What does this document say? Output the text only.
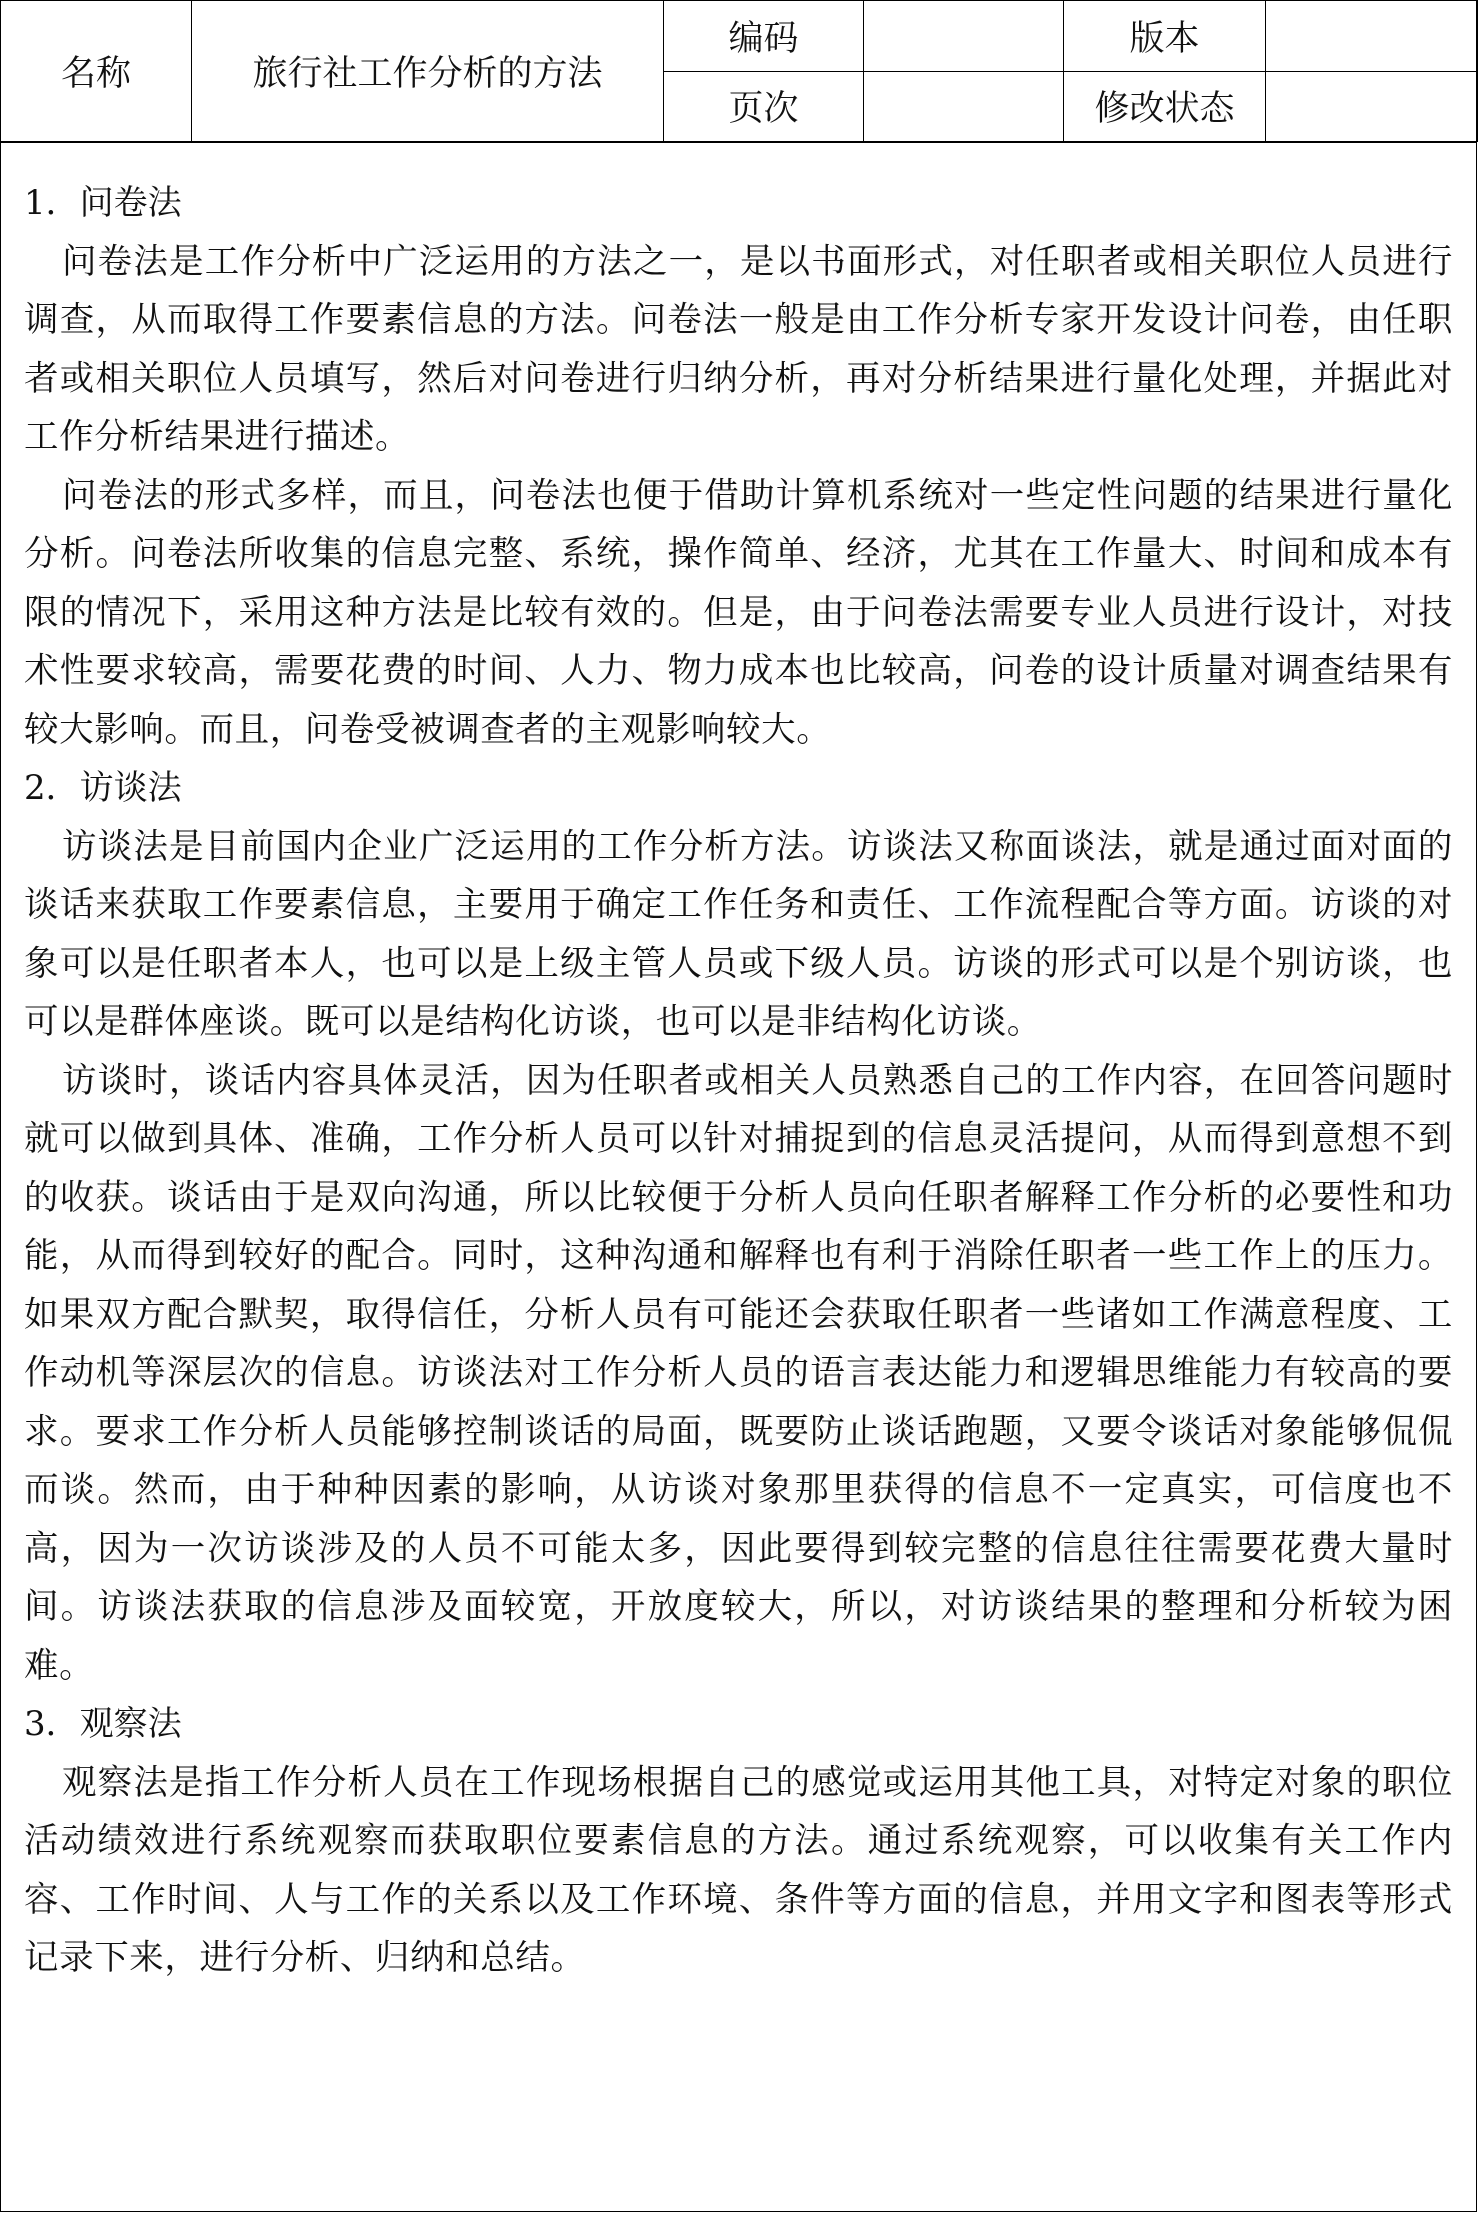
名称	旅行社工作分析的方法	编码		版本	
		页次		修改状态	

1．问卷法

问卷法是工作分析中广泛运用的方法之一，是以书面形式，对任职者或相关职位人员进行调查，从而取得工作要素信息的方法。问卷法一般是由工作分析专家开发设计问卷，由任职者或相关职位人员填写，然后对问卷进行归纳分析，再对分析结果进行量化处理，并据此对工作分析结果进行描述。

问卷法的形式多样，而且，问卷法也便于借助计算机系统对一些定性问题的结果进行量化分析。问卷法所收集的信息完整、系统，操作简单、经济，尤其在工作量大、时间和成本有限的情况下，采用这种方法是比较有效的。但是，由于问卷法需要专业人员进行设计，对技术性要求较高，需要花费的时间、人力、物力成本也比较高，问卷的设计质量对调查结果有较大影响。而且，问卷受被调查者的主观影响较大。

2．访谈法

访谈法是目前国内企业广泛运用的工作分析方法。访谈法又称面谈法，就是通过面对面的谈话来获取工作要素信息，主要用于确定工作任务和责任、工作流程配合等方面。访谈的对象可以是任职者本人，也可以是上级主管人员或下级人员。访谈的形式可以是个别访谈，也可以是群体座谈。既可以是结构化访谈，也可以是非结构化访谈。

访谈时，谈话内容具体灵活，因为任职者或相关人员熟悉自己的工作内容，在回答问题时就可以做到具体、准确，工作分析人员可以针对捕捉到的信息灵活提问，从而得到意想不到的收获。谈话由于是双向沟通，所以比较便于分析人员向任职者解释工作分析的必要性和功能，从而得到较好的配合。同时，这种沟通和解释也有利于消除任职者一些工作上的压力。如果双方配合默契，取得信任，分析人员有可能还会获取任职者一些诸如工作满意程度、工作动机等深层次的信息。访谈法对工作分析人员的语言表达能力和逻辑思维能力有较高的要求。要求工作分析人员能够控制谈话的局面，既要防止谈话跑题，又要令谈话对象能够侃侃而谈。然而，由于种种因素的影响，从访谈对象那里获得的信息不一定真实，可信度也不高，因为一次访谈涉及的人员不可能太多，因此要得到较完整的信息往往需要花费大量时间。访谈法获取的信息涉及面较宽，开放度较大，所以，对访谈结果的整理和分析较为困难。

3．观察法

观察法是指工作分析人员在工作现场根据自己的感觉或运用其他工具，对特定对象的职位活动绩效进行系统观察而获取职位要素信息的方法。通过系统观察，可以收集有关工作内容、工作时间、人与工作的关系以及工作环境、条件等方面的信息，并用文字和图表等形式记录下来，进行分析、归纳和总结。
